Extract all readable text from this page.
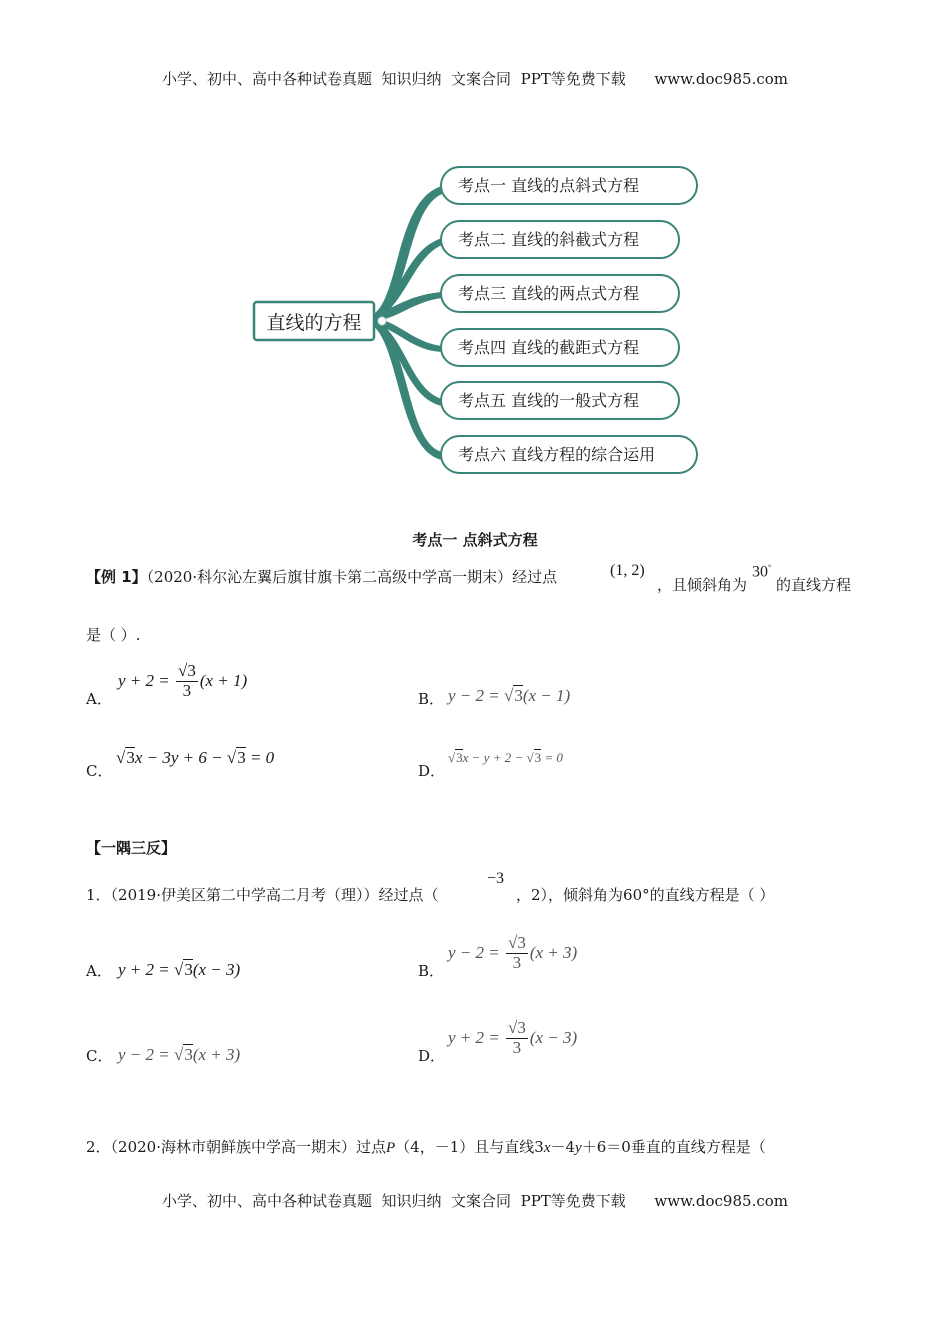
小学、初中、高中各种试卷真题  知识归纳  文案合同  PPT等免费下载      www.doc985.com
直线的方程
考点一 直线的点斜式方程
考点二 直线的斜截式方程
考点三 直线的两点式方程
考点四 直线的截距式方程
考点五 直线的一般式方程
考点六 直线方程的综合运用
考点一 点斜式方程
【例 1】（2020·科尔沁左翼后旗甘旗卡第二高级中学高一期末）经过点	(1, 2)
，且倾斜角为
30°
的直线方程
是（ ）.
A．
$y + 2 = \frac{√3}{3} (x + 1)$
B． y − 2 = √3(x − 1)
C．
√3x − 3y + 6 − √3 = 0
D．
√3x − y + 2 − √3 = 0
【一隅三反】
1．（2019·伊美区第二中学高二月考（理））经过点（
−3
，2），倾斜角为60°的直线方程是（ ）
A． y + 2 = √3(x − 3)	B．
$y - 2 = \frac{√3}{3} (x + 3)$
C． y − 2 = √3(x + 3)	D．
$y + 2 = \frac{√3}{3} (x - 3)$
2．（2020·海林市朝鲜族中学高一期末）过点P（4，－1）且与直线3x－4y＋6＝0垂直的直线方程是（
小学、初中、高中各种试卷真题  知识归纳  文案合同  PPT等免费下载      www.doc985.com
